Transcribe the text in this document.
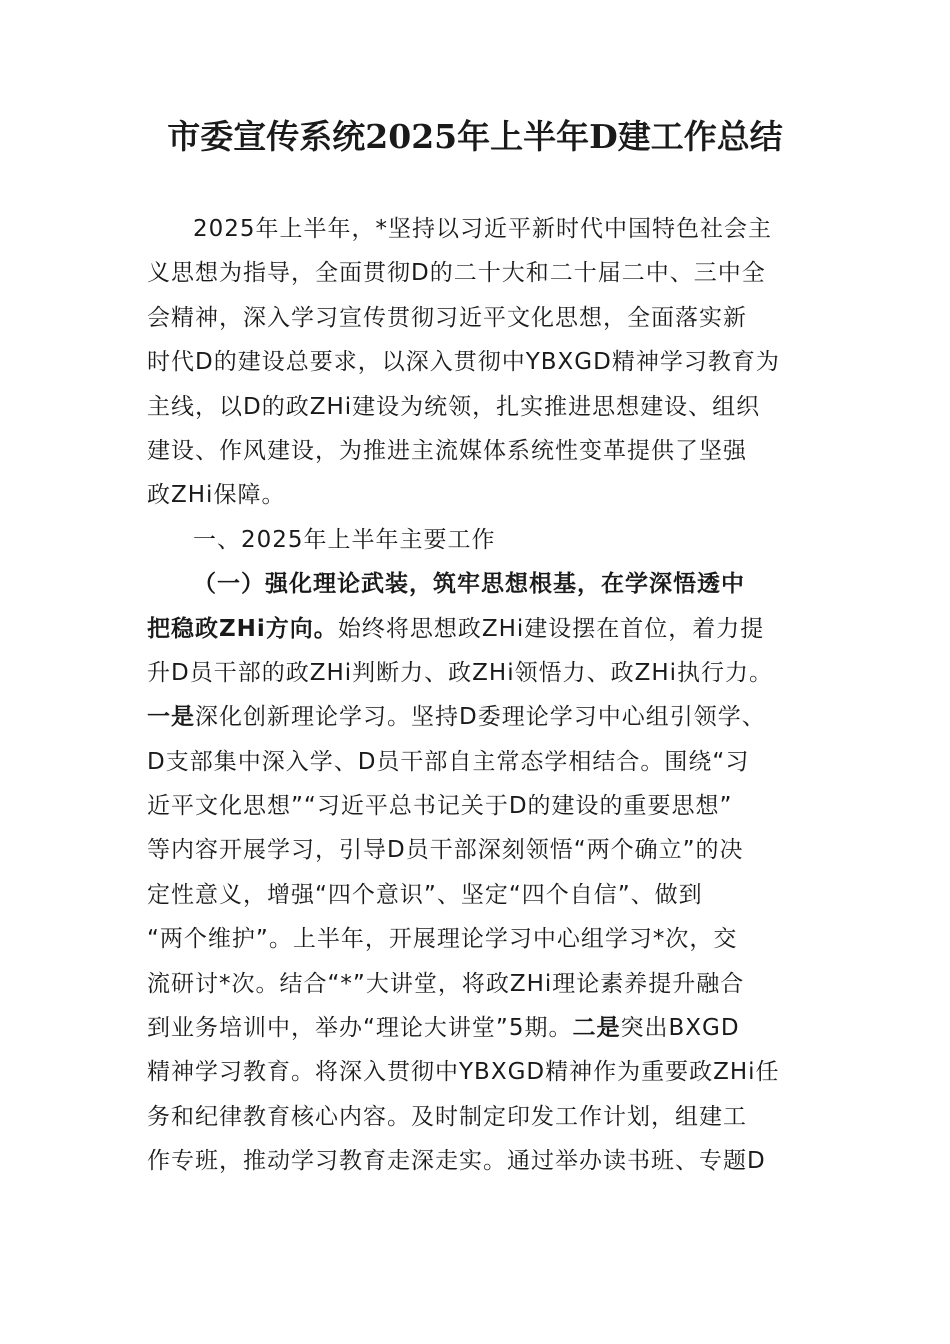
市委宣传系统2025年上半年D建工作总结
2025年上半年，*坚持以习近平新时代中国特色社会主
义思想为指导，全面贯彻D的二十大和二十届二中、三中全
会精神，深入学习宣传贯彻习近平文化思想，全面落实新
时代D的建设总要求，以深入贯彻中YBXGD精神学习教育为
主线，以D的政ZHi建设为统领，扎实推进思想建设、组织
建设、作风建设，为推进主流媒体系统性变革提供了坚强
政ZHi保障。
一、2025年上半年主要工作
（一）强化理论武装，筑牢思想根基，在学深悟透中
把稳政ZHi方向。始终将思想政ZHi建设摆在首位，着力提
升D员干部的政ZHi判断力、政ZHi领悟力、政ZHi执行力。
一是深化创新理论学习。坚持D委理论学习中心组引领学、
D支部集中深入学、D员干部自主常态学相结合。围绕“习
近平文化思想”“习近平总书记关于D的建设的重要思想”
等内容开展学习，引导D员干部深刻领悟“两个确立”的决
定性意义，增强“四个意识”、坚定“四个自信”、做到
“两个维护”。上半年，开展理论学习中心组学习*次，交
流研讨*次。结合“*”大讲堂，将政ZHi理论素养提升融合
到业务培训中，举办“理论大讲堂”5期。二是突出BXGD
精神学习教育。将深入贯彻中YBXGD精神作为重要政ZHi任
务和纪律教育核心内容。及时制定印发工作计划，组建工
作专班，推动学习教育走深走实。通过举办读书班、专题D
